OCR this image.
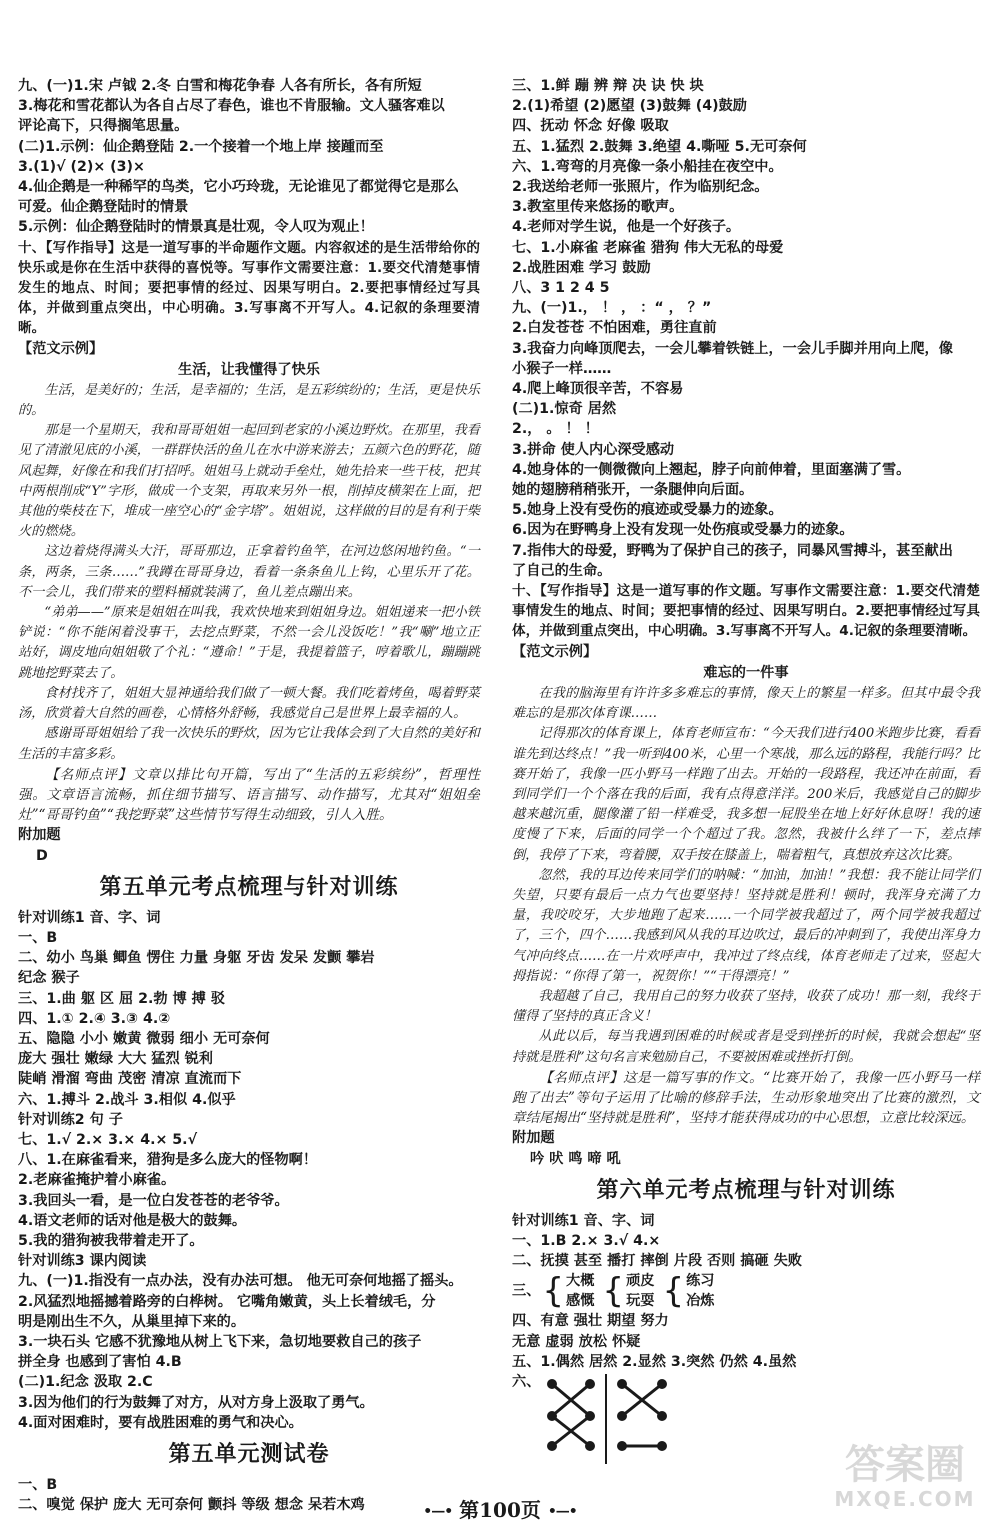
九、(一)1.宋 卢钺 2.冬 白雪和梅花争春 人各有所长，各有所短
3.梅花和雪花都认为各自占尽了春色，谁也不肯服输。文人骚客难以
评论高下，只得搁笔思量。
(二)1.示例：仙企鹅登陆 2.一个接着一个地上岸 接踵而至
3.(1)√ (2)× (3)×
4.仙企鹅是一种稀罕的鸟类，它小巧玲珑，无论谁见了都觉得它是那么
可爱。仙企鹅登陆时的情景
5.示例：仙企鹅登陆时的情景真是壮观，令人叹为观止！
十、【写作指导】这是一道写事的半命题作文题。内容叙述的是生活带给你的快乐或是你在生活中获得的喜悦等。写事作文需要注意：1.要交代清楚事情发生的地点、时间；要把事情的经过、因果写明白。2.要把事情经过写具体，并做到重点突出，中心明确。3.写事离不开写人。4.记叙的条理要清晰。
【范文示例】
生活，让我懂得了快乐

生活，是美好的；生活，是幸福的；生活，是五彩缤纷的；生活，更是快乐的。

那是一个星期天，我和哥哥姐姐一起回到老家的小溪边野炊。在那里，我看见了清澈见底的小溪，一群群快活的鱼儿在水中游来游去；五颜六色的野花，随风起舞，好像在和我们打招呼。姐姐马上就动手垒灶，她先拾来一些干枝，把其中两根削成“Y”字形，做成一个支架，再取来另外一根，削掉皮横架在上面，把其他的柴枝在下，堆成一座空心的“金字塔”。姐姐说，这样做的目的是有利于柴火的燃烧。

这边着烧得满头大汗，哥哥那边，正拿着钓鱼竿，在河边悠闲地钓鱼。“一条，两条，三条……”我蹲在哥哥身边，看着一条条鱼儿上钩，心里乐开了花。不一会儿，我们带来的塑料桶就装满了，鱼儿差点蹦出来。

“弟弟——”原来是姐姐在叫我，我欢快地来到姐姐身边。姐姐递来一把小铁铲说：“你不能闲着没事干，去挖点野菜，不然一会儿没饭吃！”我“唰”地立正站好，调皮地向姐姐敬了个礼：“遵命！”于是，我提着篮子，哼着歌儿，蹦蹦跳跳地挖野菜去了。

食材找齐了，姐姐大显神通给我们做了一顿大餐。我们吃着烤鱼，喝着野菜汤，欣赏着大自然的画卷，心情格外舒畅，我感觉自己是世界上最幸福的人。

感谢哥哥姐姐给了我一次快乐的野炊，因为它让我体会到了大自然的美好和生活的丰富多彩。

【名师点评】文章以排比句开篇，写出了“生活的五彩缤纷”，哲理性强。文章语言流畅，抓住细节描写、语言描写、动作描写，尤其对“姐姐垒灶”“哥哥钓鱼”“我挖野菜”这些情节写得生动细致，引人入胜。
附加题
D
第五单元考点梳理与针对训练
针对训练1 音、字、词
一、B
二、幼小 鸟巢 鲫鱼 愣住 力量 身躯 牙齿 发呆 发颤 攀岩
纪念 猴子
三、1.曲 躯 区 屈 2.勃 博 搏 驳
四、1.① 2.④ 3.③ 4.②
五、隐隐 小小 嫩黄 微弱 细小 无可奈何
庞大 强壮 嫩绿 大大 猛烈 锐利
陡峭 滑溜 弯曲 茂密 清凉 直流而下
六、1.搏斗 2.战斗 3.相似 4.似乎
针对训练2 句 子
七、1.√ 2.× 3.× 4.× 5.√
八、1.在麻雀看来，猎狗是多么庞大的怪物啊！
2.老麻雀掩护着小麻雀。
3.我回头一看，是一位白发苍苍的老爷爷。
4.语文老师的话对他是极大的鼓舞。
5.我的猎狗被我带着走开了。
针对训练3 课内阅读
九、(一)1.指没有一点办法，没有办法可想。 他无可奈何地摇了摇头。
2.风猛烈地摇撼着路旁的白桦树。 它嘴角嫩黄，头上长着绒毛，分
明是刚出生不久，从巢里掉下来的。
3.一块石头 它感不犹豫地从树上飞下来，急切地要救自己的孩子
拼全身 也感到了害怕 4.B
(二)1.纪念 汲取 2.C
3.因为他们的行为鼓舞了对方，从对方身上汲取了勇气。
4.面对困难时，要有战胜困难的勇气和决心。
第五单元测试卷
一、B
二、嗅觉 保护 庞大 无可奈何 颤抖 等级 想念 呆若木鸡
三、1.鲜 蹦 辨 辩 决 诀 快 块
2.(1)希望 (2)愿望 (3)鼓舞 (4)鼓励
四、抚动 怀念 好像 吸取
五、1.猛烈 2.鼓舞 3.绝望 4.嘶哑 5.无可奈何
六、1.弯弯的月亮像一条小船挂在夜空中。
2.我送给老师一张照片，作为临别纪念。
3.教室里传来悠扬的歌声。
4.老师对学生说，他是一个好孩子。
七、1.小麻雀 老麻雀 猎狗 伟大无私的母爱
2.战胜困难 学习 鼓励
八、3 1 2 4 5
九、(一)1.， ！ ， ：“ ， ？”
2.白发苍苍 不怕困难，勇往直前
3.我奋力向峰顶爬去，一会儿攀着铁链上，一会儿手脚并用向上爬，像
小猴子一样……
4.爬上峰顶很辛苦，不容易
(二)1.惊奇 居然
2.， 。 ！ ！
3.拼命 使人内心深受感动
4.她身体的一侧微微向上翘起，脖子向前伸着，里面塞满了雪。
她的翅膀稍稍张开，一条腿伸向后面。
5.她身上没有受伤的痕迹或受暴力的迹象。
6.因为在野鸭身上没有发现一处伤痕或受暴力的迹象。
7.指伟大的母爱，野鸭为了保护自己的孩子，同暴风雪搏斗，甚至献出
了自己的生命。
十、【写作指导】这是一道写事的作文题。写事作文需要注意：1.要交代清楚事情发生的地点、时间；要把事情的经过、因果写明白。2.要把事情经过写具体，并做到重点突出，中心明确。3.写事离不开写人。4.记叙的条理要清晰。
【范文示例】
难忘的一件事

在我的脑海里有许许多多难忘的事情，像天上的繁星一样多。但其中最令我难忘的是那次体育课……

记得那次的体育课上，体育老师宣布：“今天我们进行400米跑步比赛，看看谁先到达终点！”我一听到400米，心里一个寒战，那么远的路程，我能行吗？比赛开始了，我像一匹小野马一样跑了出去。开始的一段路程，我还冲在前面，看到同学们一个个落在我的后面，我有点得意洋洋。200米后，我感觉自己的脚步越来越沉重，腿像灌了铅一样难受，我多想一屁股坐在地上好好休息呀！我的速度慢了下来，后面的同学一个个超过了我。忽然，我被什么绊了一下，差点摔倒，我停了下来，弯着腰，双手按在膝盖上，喘着粗气，真想放弃这次比赛。

忽然，我的耳边传来同学们的呐喊：“加油，加油！”我想：我不能让同学们失望，只要有最后一点力气也要坚持！坚持就是胜利！顿时，我浑身充满了力量，我咬咬牙，大步地跑了起来……一个同学被我超过了，两个同学被我超过了，三个，四个……我感到风从我的耳边吹过，最后的冲刺到了，我使出浑身力气冲向终点……在一片欢呼声中，我冲过了终点线，体育老师走了过来，竖起大拇指说：“你得了第一，祝贺你！”“干得漂亮！”

我超越了自己，我用自己的努力收获了坚持，收获了成功！那一刻，我终于懂得了坚持的真正含义！

从此以后，每当我遇到困难的时候或者是受到挫折的时候，我就会想起“坚持就是胜利”这句名言来勉励自己，不要被困难或挫折打倒。

【名师点评】这是一篇写事的作文。“比赛开始了，我像一匹小野马一样跑了出去”等句子运用了比喻的修辞手法，生动形象地突出了比赛的激烈，文章结尾揭出“坚持就是胜利”，坚持才能获得成功的中心思想，立意比较深远。
附加题
吟 吠 鸣 啼 吼
第六单元考点梳理与针对训练
针对训练1 音、字、词
一、1.B 2.× 3.√ 4.×
二、抚摸 甚至 播打 摔倒 片段 否则 搞砸 失败
三、 { 大概
感慨 { 顽皮
玩耍 { 练习
冶炼
四、有意 强壮 期望 努力
无意 虚弱 放松 怀疑
五、1.偶然 居然 2.显然 3.突然 仍然 4.虽然
六、
•—• 第100页 •—•
答案圈
MXQE.COM
